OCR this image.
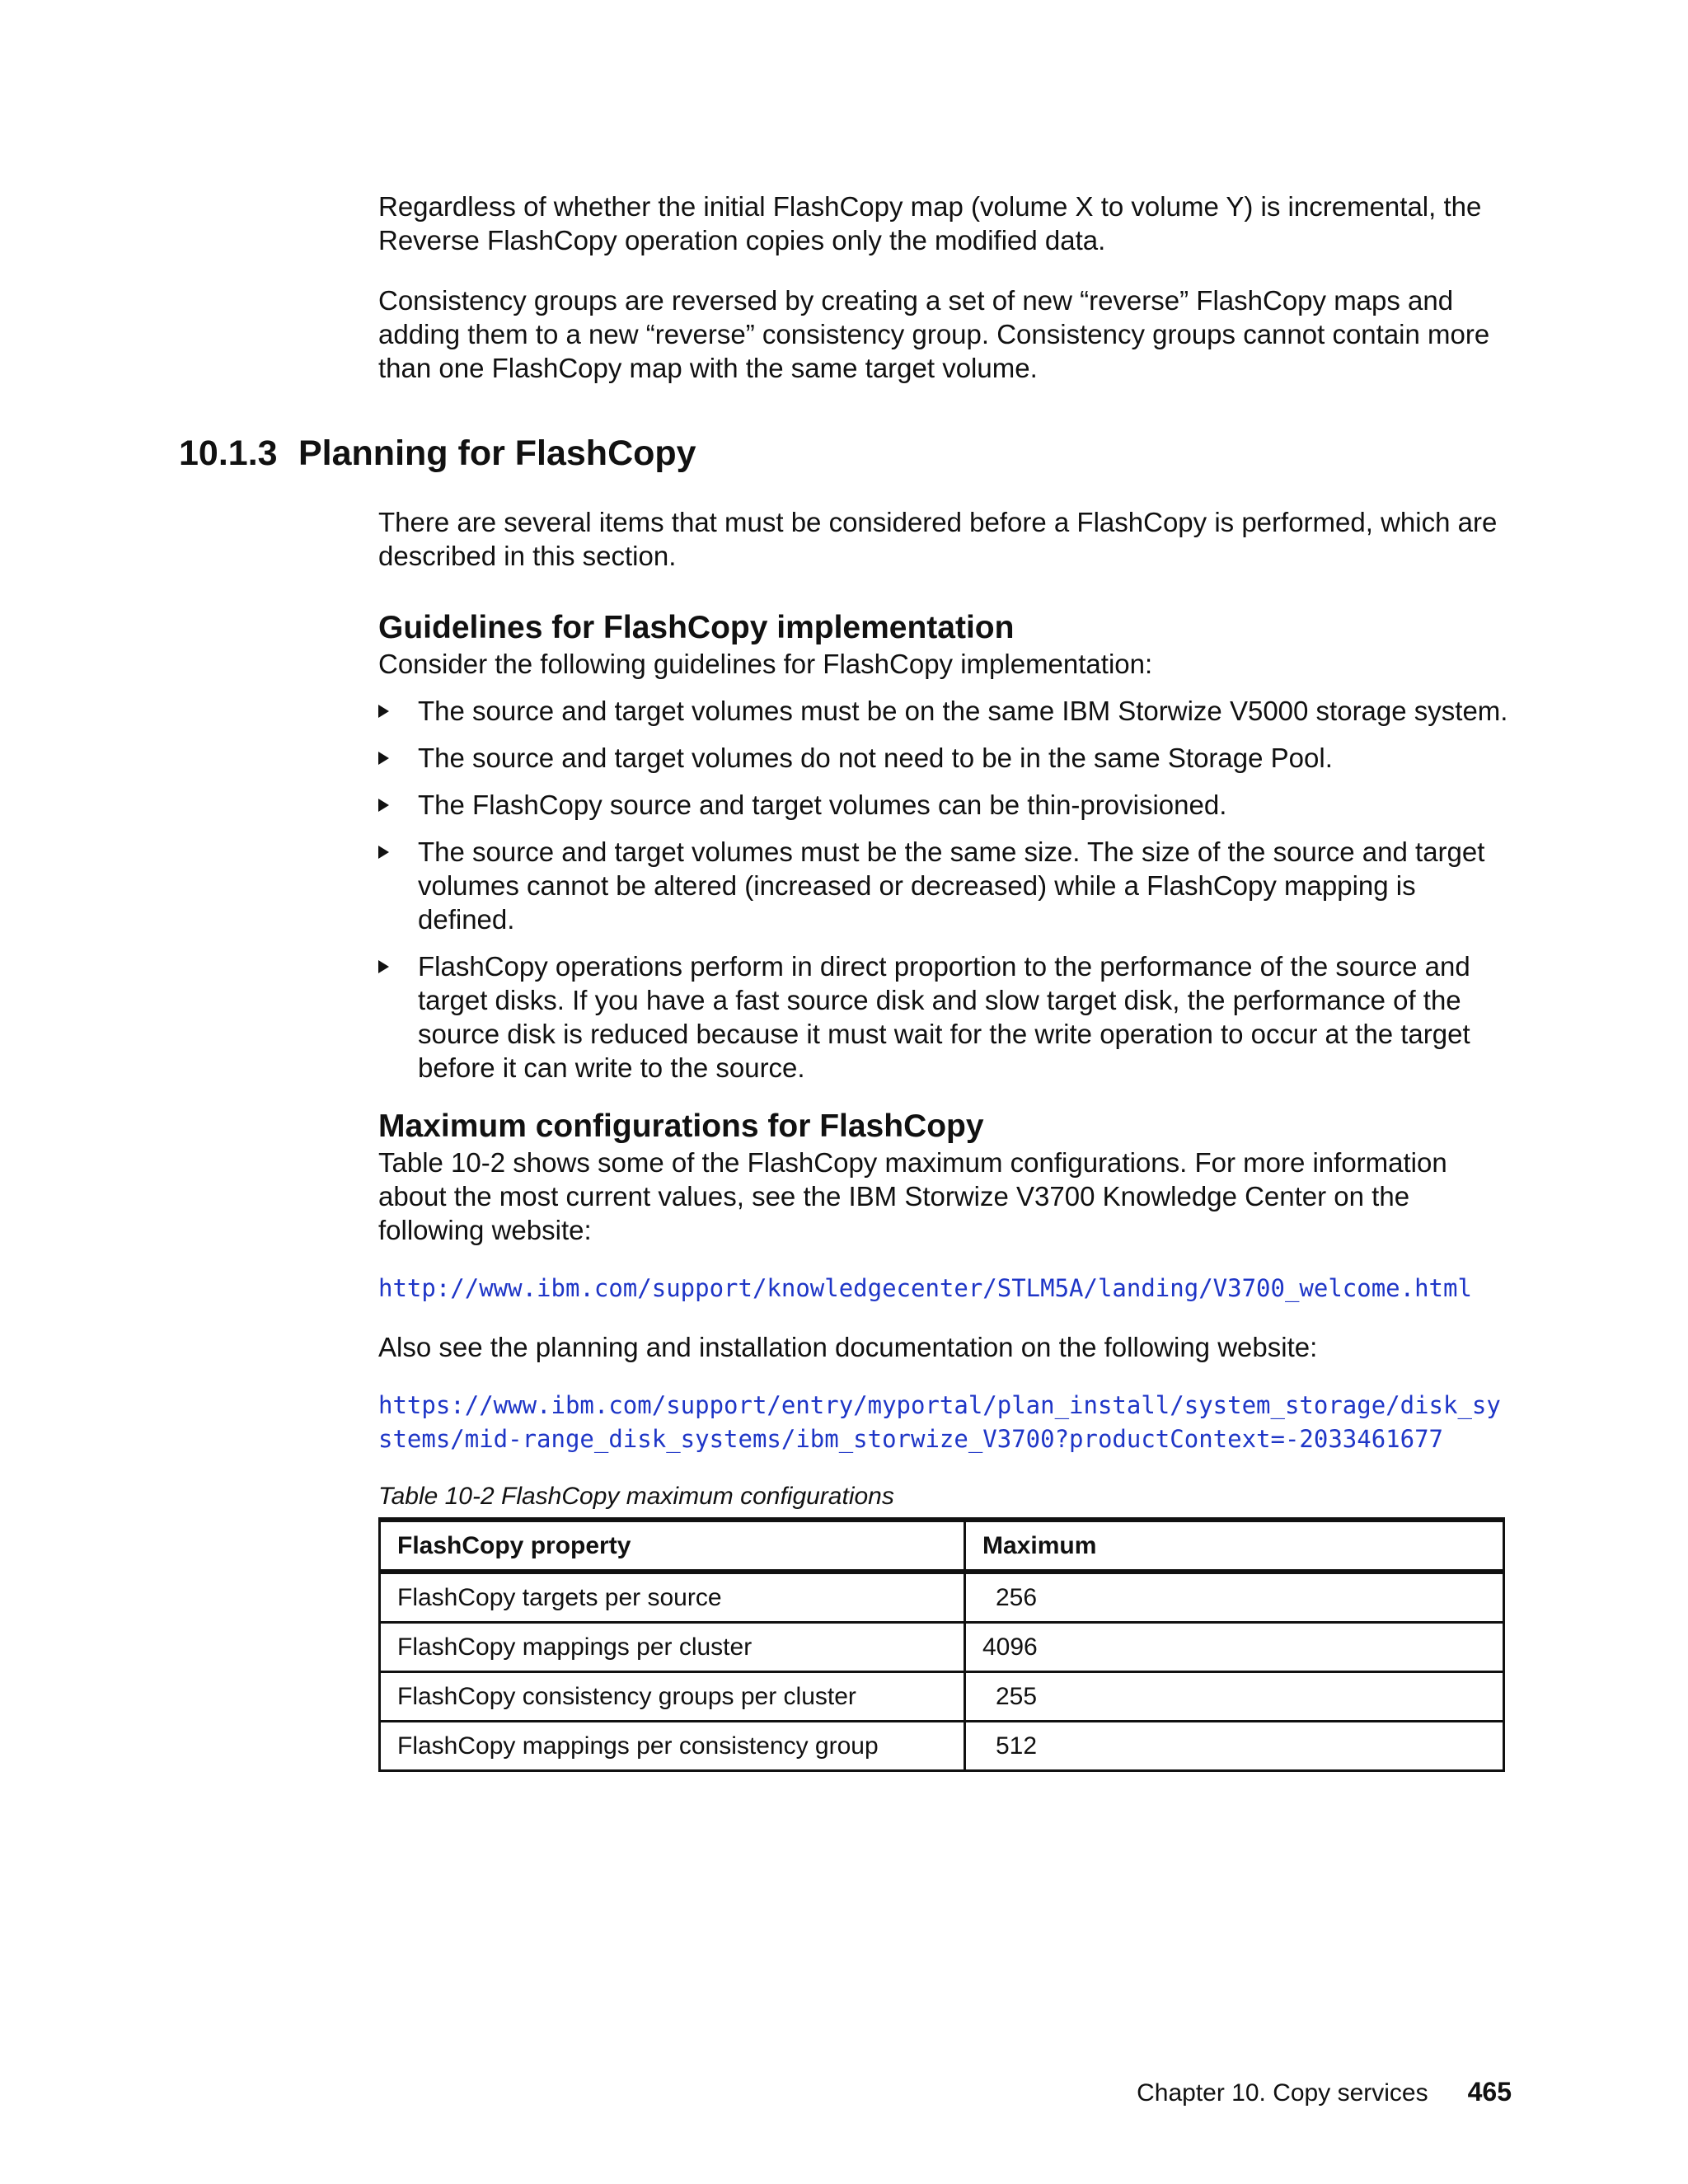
Regardless of whether the initial FlashCopy map (volume X to volume Y) is incremental, the Reverse FlashCopy operation copies only the modified data.

Consistency groups are reversed by creating a set of new “reverse” FlashCopy maps and adding them to a new “reverse” consistency group. Consistency groups cannot contain more than one FlashCopy map with the same target volume.

10.1.3 Planning for FlashCopy

There are several items that must be considered before a FlashCopy is performed, which are described in this section.

Guidelines for FlashCopy implementation

Consider the following guidelines for FlashCopy implementation:

The source and target volumes must be on the same IBM Storwize V5000 storage system.
The source and target volumes do not need to be in the same Storage Pool.
The FlashCopy source and target volumes can be thin-provisioned.
The source and target volumes must be the same size. The size of the source and target volumes cannot be altered (increased or decreased) while a FlashCopy mapping is defined.
FlashCopy operations perform in direct proportion to the performance of the source and target disks. If you have a fast source disk and slow target disk, the performance of the source disk is reduced because it must wait for the write operation to occur at the target before it can write to the source.
Maximum configurations for FlashCopy

Table 10-2 shows some of the FlashCopy maximum configurations. For more information about the most current values, see the IBM Storwize V3700 Knowledge Center on the following website:

http://www.ibm.com/support/knowledgecenter/STLM5A/landing/V3700_welcome.html

Also see the planning and installation documentation on the following website:

https://www.ibm.com/support/entry/myportal/plan_install/system_storage/disk_systems/mid-range_disk_systems/ibm_storwize_V3700?productContext=-2033461677

Table 10-2 FlashCopy maximum configurations

FlashCopy property	Maximum
FlashCopy targets per source	256
FlashCopy mappings per cluster	4096
FlashCopy consistency groups per cluster	255
FlashCopy mappings per consistency group	512
Chapter 10. Copy services 465
